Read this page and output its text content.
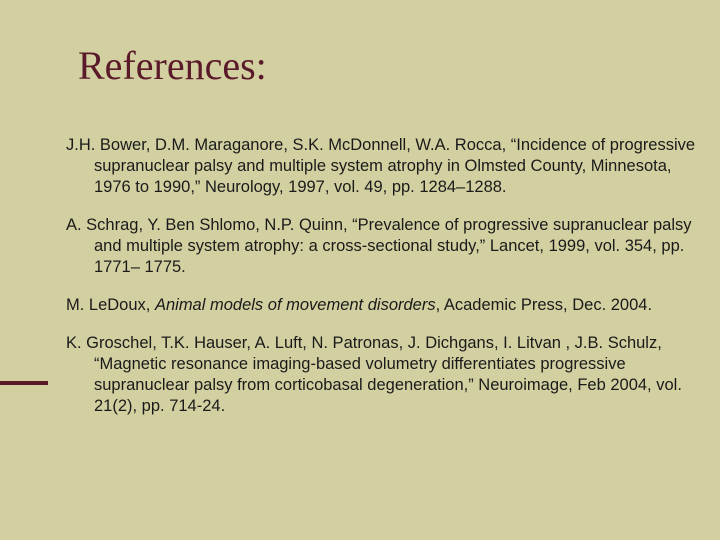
References:
J.H. Bower, D.M. Maraganore, S.K. McDonnell, W.A. Rocca, “Incidence of progressive supranuclear palsy and multiple system atrophy in Olmsted County, Minnesota, 1976 to 1990,” Neurology, 1997, vol. 49, pp. 1284–1288.
A. Schrag, Y. Ben Shlomo, N.P. Quinn, “Prevalence of progressive supranuclear palsy and multiple system atrophy: a cross-sectional study,” Lancet, 1999, vol. 354, pp. 1771– 1775.
M. LeDoux, Animal models of movement disorders, Academic Press, Dec. 2004.
K. Groschel, T.K. Hauser, A. Luft, N. Patronas, J. Dichgans, I. Litvan , J.B. Schulz, “Magnetic resonance imaging-based volumetry differentiates progressive supranuclear palsy from corticobasal degeneration,” Neuroimage, Feb 2004, vol. 21(2), pp. 714-24.
